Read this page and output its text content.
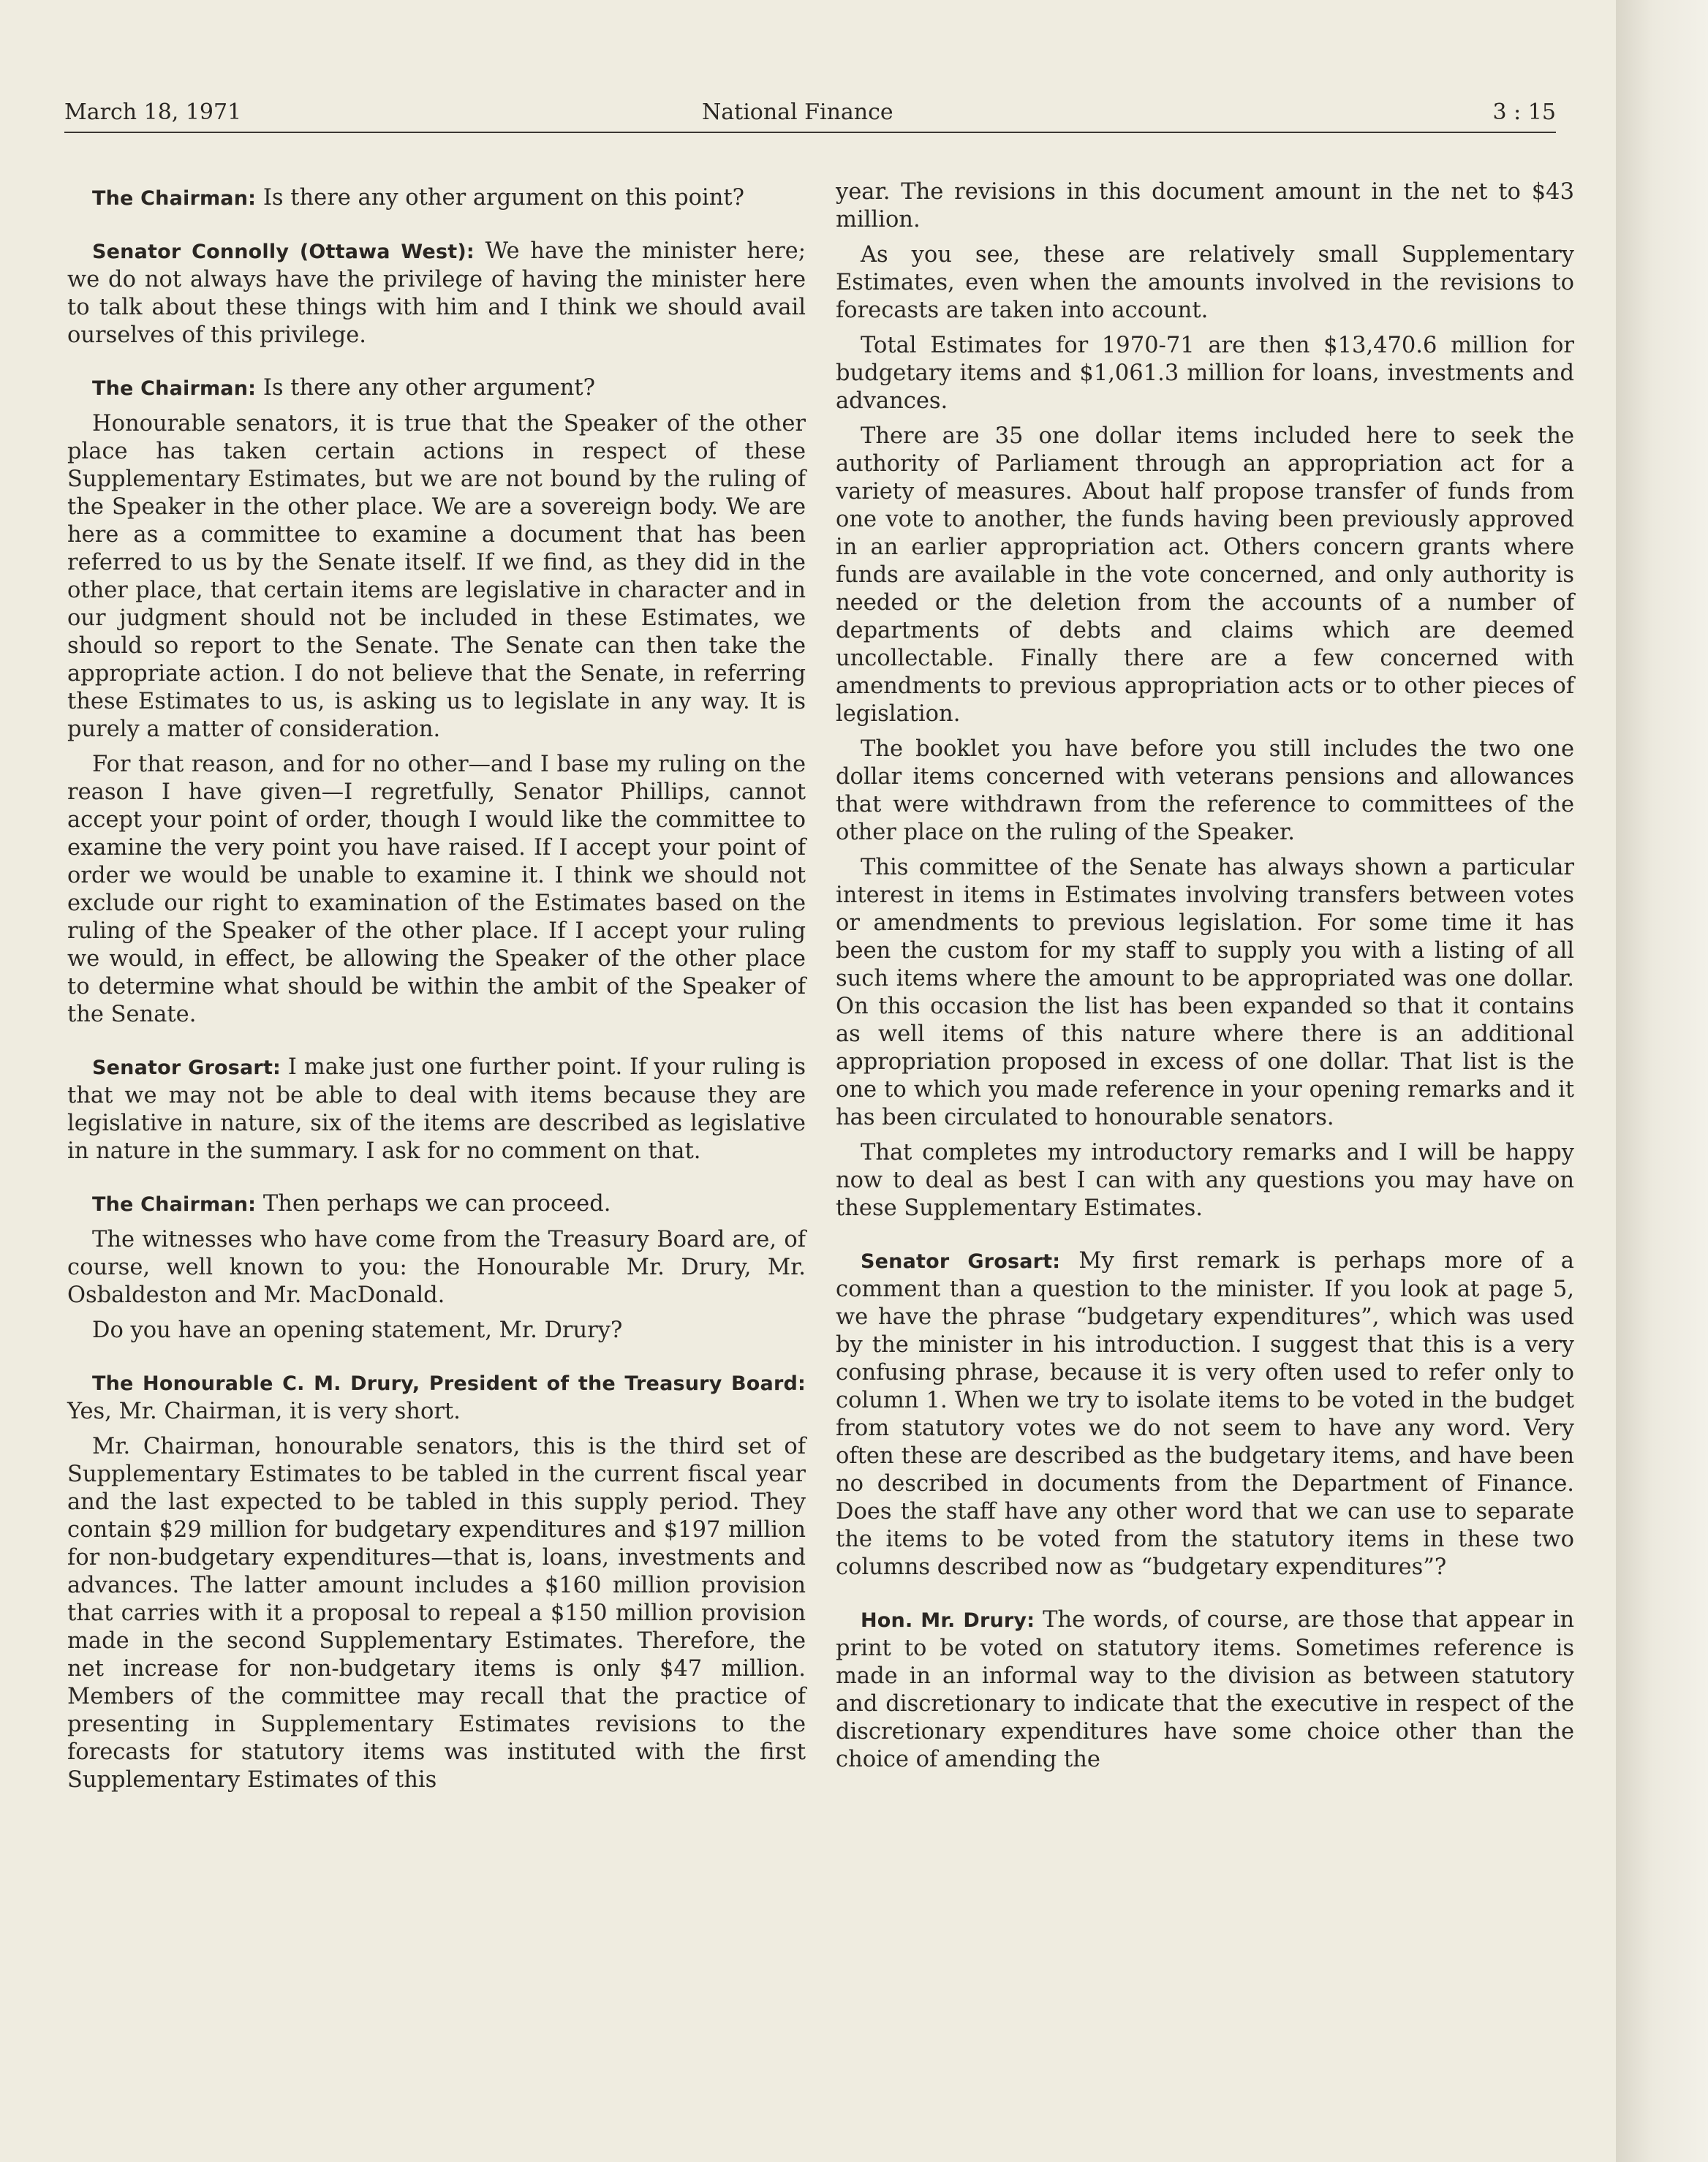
March 18, 1971	National Finance	3 : 15

The Chairman: Is there any other argument on this point?

Senator Connolly (Ottawa West): We have the minister here; we do not always have the privilege of having the minister here to talk about these things with him and I think we should avail ourselves of this privilege.

The Chairman: Is there any other argument?

Honourable senators, it is true that the Speaker of the other place has taken certain actions in respect of these Supplementary Estimates, but we are not bound by the ruling of the Speaker in the other place. We are a sovereign body. We are here as a committee to examine a document that has been referred to us by the Senate itself. If we find, as they did in the other place, that certain items are legislative in character and in our judgment should not be included in these Estimates, we should so report to the Senate. The Senate can then take the appropriate action. I do not believe that the Senate, in referring these Estimates to us, is asking us to legislate in any way. It is purely a matter of consideration.

For that reason, and for no other—and I base my ruling on the reason I have given—I regretfully, Senator Phillips, cannot accept your point of order, though I would like the committee to examine the very point you have raised. If I accept your point of order we would be unable to examine it. I think we should not exclude our right to examination of the Estimates based on the ruling of the Speaker of the other place. If I accept your ruling we would, in effect, be allowing the Speaker of the other place to determine what should be within the ambit of the Speaker of the Senate.

Senator Grosart: I make just one further point. If your ruling is that we may not be able to deal with items because they are legislative in nature, six of the items are described as legislative in nature in the summary. I ask for no comment on that.

The Chairman: Then perhaps we can proceed.

The witnesses who have come from the Treasury Board are, of course, well known to you: the Honourable Mr. Drury, Mr. Osbaldeston and Mr. MacDonald.

Do you have an opening statement, Mr. Drury?

The Honourable C. M. Drury, President of the Treasury Board: Yes, Mr. Chairman, it is very short.

Mr. Chairman, honourable senators, this is the third set of Supplementary Estimates to be tabled in the current fiscal year and the last expected to be tabled in this supply period. They contain $29 million for budgetary expenditures and $197 million for non-budgetary expenditures—that is, loans, investments and advances. The latter amount includes a $160 million provision that carries with it a proposal to repeal a $150 million provision made in the second Supplementary Estimates. Therefore, the net increase for non-budgetary items is only $47 million. Members of the committee may recall that the practice of presenting in Supplementary Estimates revisions to the forecasts for statutory items was instituted with the first Supplementary Estimates of this

year. The revisions in this document amount in the net to $43 million.

As you see, these are relatively small Supplementary Estimates, even when the amounts involved in the revisions to forecasts are taken into account.

Total Estimates for 1970-71 are then $13,470.6 million for budgetary items and $1,061.3 million for loans, investments and advances.

There are 35 one dollar items included here to seek the authority of Parliament through an appropriation act for a variety of measures. About half propose transfer of funds from one vote to another, the funds having been previously approved in an earlier appropriation act. Others concern grants where funds are available in the vote concerned, and only authority is needed or the deletion from the accounts of a number of departments of debts and claims which are deemed uncollectable. Finally there are a few concerned with amendments to previous appropriation acts or to other pieces of legislation.

The booklet you have before you still includes the two one dollar items concerned with veterans pensions and allowances that were withdrawn from the reference to committees of the other place on the ruling of the Speaker.

This committee of the Senate has always shown a particular interest in items in Estimates involving transfers between votes or amendments to previous legislation. For some time it has been the custom for my staff to supply you with a listing of all such items where the amount to be appropriated was one dollar. On this occasion the list has been expanded so that it contains as well items of this nature where there is an additional appropriation proposed in excess of one dollar. That list is the one to which you made reference in your opening remarks and it has been circulated to honourable senators.

That completes my introductory remarks and I will be happy now to deal as best I can with any questions you may have on these Supplementary Estimates.

Senator Grosart: My first remark is perhaps more of a comment than a question to the minister. If you look at page 5, we have the phrase “budgetary expenditures”, which was used by the minister in his introduction. I suggest that this is a very confusing phrase, because it is very often used to refer only to column 1. When we try to isolate items to be voted in the budget from statutory votes we do not seem to have any word. Very often these are described as the budgetary items, and have been no described in documents from the Department of Finance. Does the staff have any other word that we can use to separate the items to be voted from the statutory items in these two columns described now as “budgetary expenditures”?

Hon. Mr. Drury: The words, of course, are those that appear in print to be voted on statutory items. Sometimes reference is made in an informal way to the division as between statutory and discretionary to indicate that the executive in respect of the discretionary expenditures have some choice other than the choice of amending the
